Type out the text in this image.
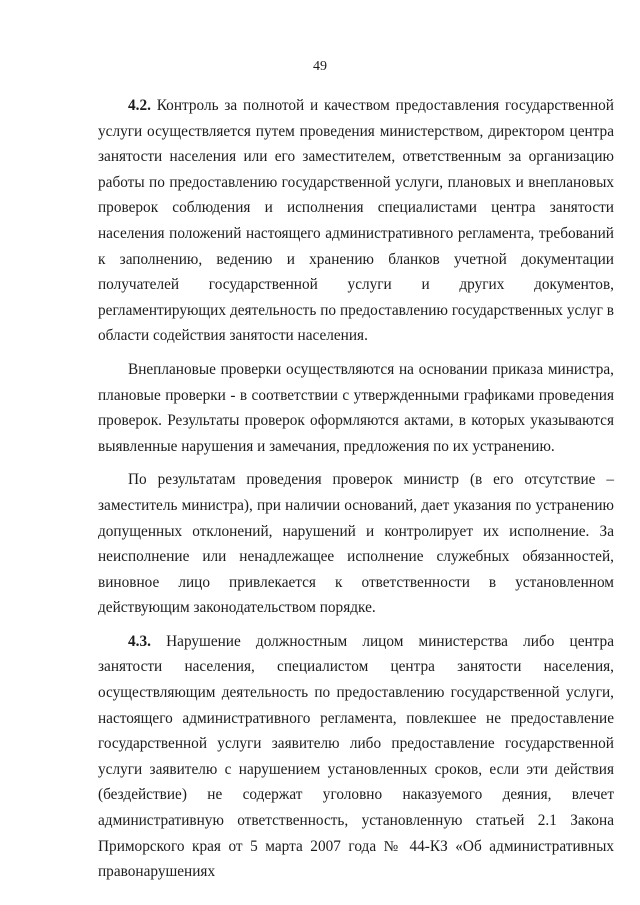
49

4.2. Контроль за полнотой и качеством предоставления государственной услуги осуществляется путем проведения министерством, директором центра занятости населения или его заместителем, ответственным за организацию работы по предоставлению государственной услуги, плановых и внеплановых проверок соблюдения и исполнения специалистами центра занятости населения положений настоящего административного регламента, требований к заполнению, ведению и хранению бланков учетной документации получателей государственной услуги и других документов, регламентирующих деятельность по предоставлению государственных услуг в области содействия занятости населения.

Внеплановые проверки осуществляются на основании приказа министра, плановые проверки - в соответствии с утвержденными графиками проведения проверок. Результаты проверок оформляются актами, в которых указываются выявленные нарушения и замечания, предложения по их устранению.

По результатам проведения проверок министр (в его отсутствие – заместитель министра), при наличии оснований, дает указания по устранению допущенных отклонений, нарушений и контролирует их исполнение. За неисполнение или ненадлежащее исполнение служебных обязанностей, виновное лицо привлекается к ответственности в установленном действующим законодательством порядке.

4.3. Нарушение должностным лицом министерства либо центра занятости населения, специалистом центра занятости населения, осуществляющим деятельность по предоставлению государственной услуги, настоящего административного регламента, повлекшее не предоставление государственной услуги заявителю либо предоставление государственной услуги заявителю с нарушением установленных сроков, если эти действия (бездействие) не содержат уголовно наказуемого деяния, влечет административную ответственность, установленную статьей 2.1 Закона Приморского края от 5 марта 2007 года № 44-КЗ «Об административных правонарушениях
